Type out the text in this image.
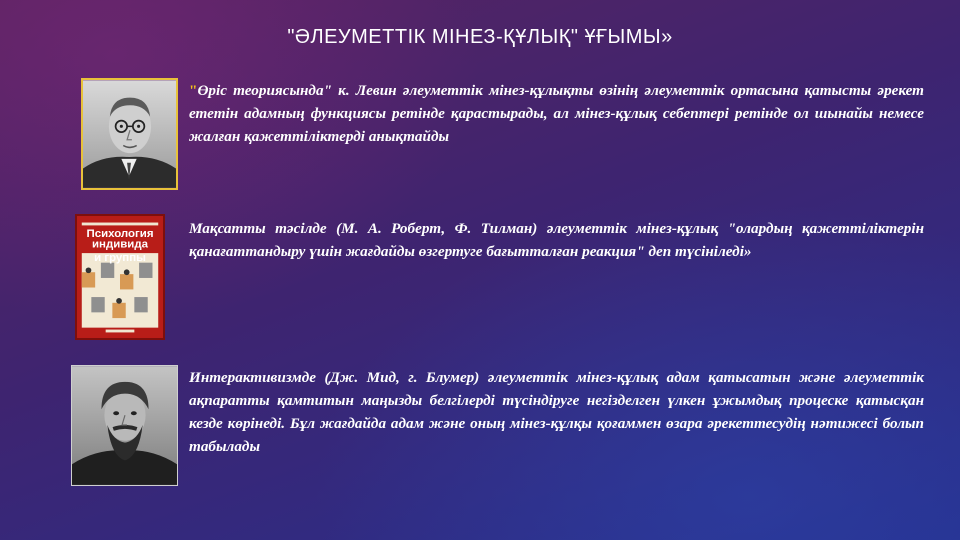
"ӘЛЕУМЕТТІК МІНЕЗ-ҚҰЛЫҚ" ҰҒЫМЫ»
"Өріс теориясында" к. Левин әлеуметтік мінез-құлықты өзінің әлеуметтік ортасына қатысты әрекет ететін адамның функциясы ретінде қарастырады, ал мінез-құлық себептері ретінде ол шынайы немесе жалған қажеттіліктерді анықтайды
Психология
индивида
и группы
Мақсатты тәсілде (М. А. Роберт, Ф. Тилман) әлеуметтік мінез-құлық "олардың қажеттіліктерін қанағаттандыру үшін жағдайды өзгертуге бағытталған реакция" деп түсініледі»
Интерактивизмде (Дж. Мид, г. Блумер) әлеуметтік мінез-құлық адам қатысатын және әлеуметтік ақпаратты қамтитын маңызды белгілерді түсіндіруге негізделген үлкен ұжымдық процеске қатысқан кезде көрінеді. Бұл жағдайда адам және оның мінез-құлқы қоғаммен өзара әрекеттесудің нәтижесі болып табылады
